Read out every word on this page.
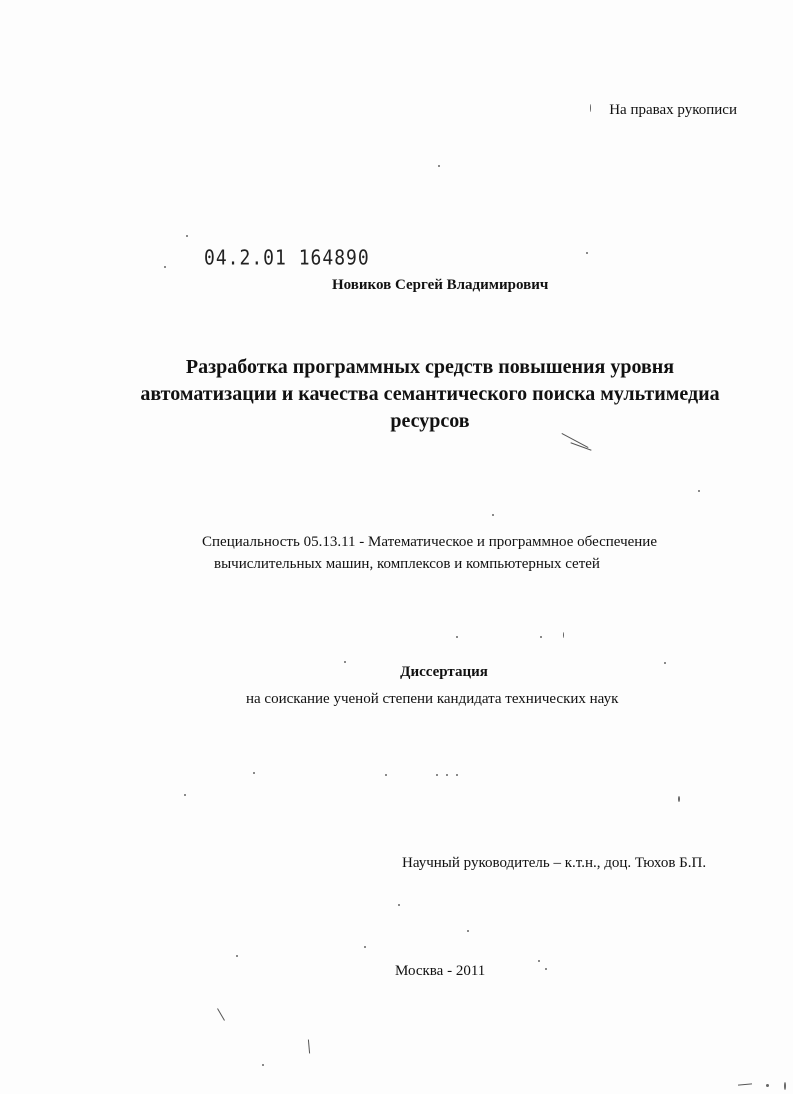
На правах рукописи
04.2.01 164890
Новиков Сергей Владимирович
Разработка программных средств повышения уровня
автоматизации и качества семантического поиска мультимедиа
ресурсов
Специальность 05.13.11 - Математическое и программное обеспечение
вычислительных машин, комплексов и компьютерных сетей
Диссертация
на соискание ученой степени кандидата технических наук
Научный руководитель – к.т.н., доц. Тюхов Б.П.
Москва - 2011
